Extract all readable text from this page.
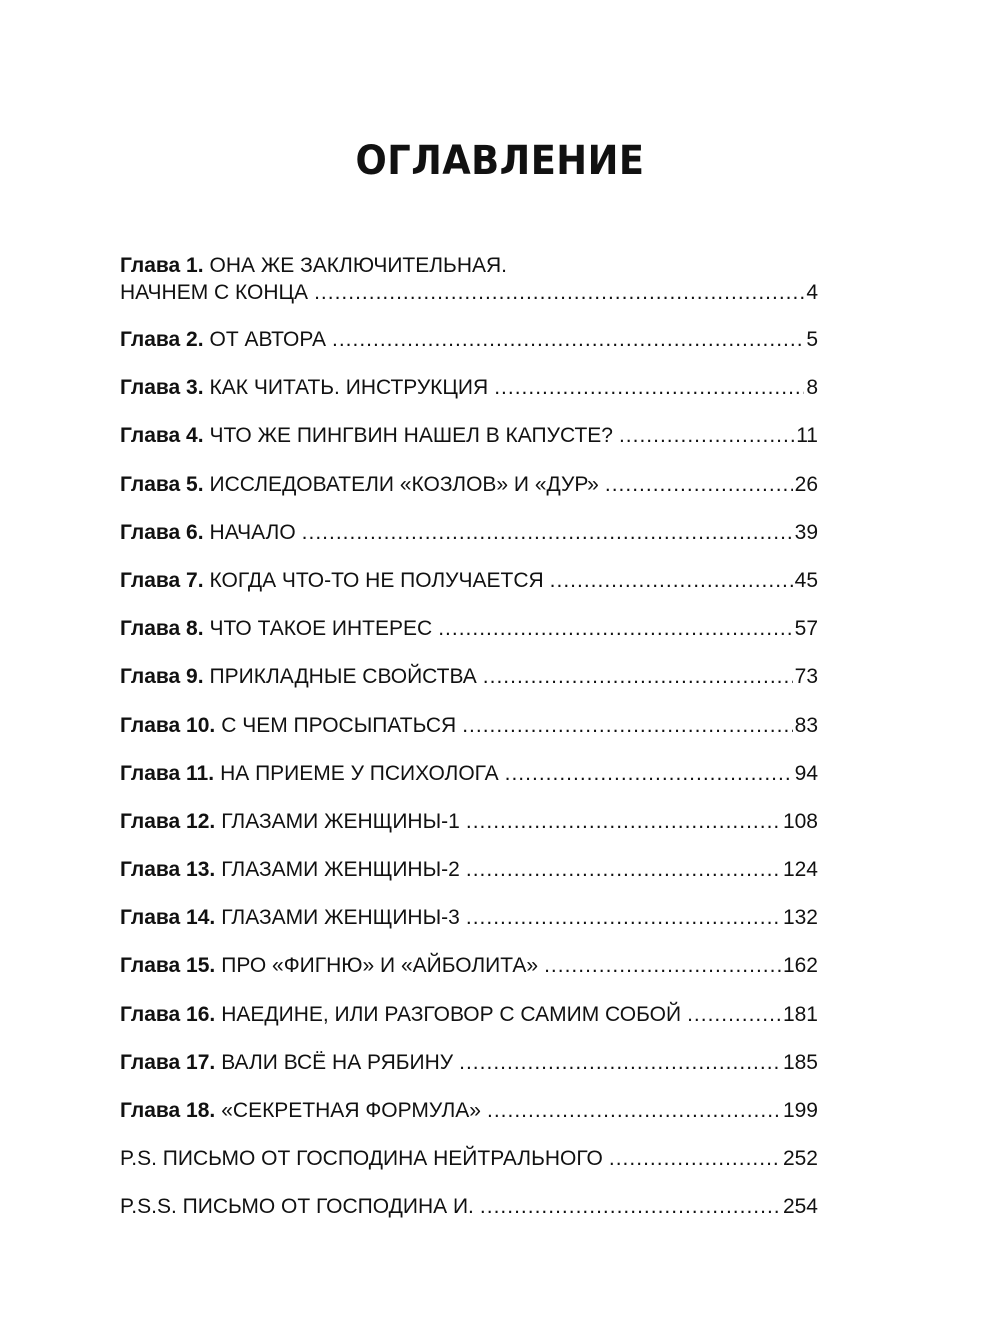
ОГЛАВЛЕНИЕ
Глава 1. ОНА ЖЕ ЗАКЛЮЧИТЕЛЬНАЯ.
НАЧНЕМ С КОНЦА .....	4
Глава 2. ОТ АВТОРА .....	5
Глава 3. КАК ЧИТАТЬ. ИНСТРУКЦИЯ .....	8
Глава 4. ЧТО ЖЕ ПИНГВИН НАШЕЛ В КАПУСТЕ? .....	11
Глава 5. ИССЛЕДОВАТЕЛИ «КОЗЛОВ» И «ДУР» .....	26
Глава 6. НАЧАЛО .....	39
Глава 7. КОГДА ЧТО-ТО НЕ ПОЛУЧАЕТСЯ .....	45
Глава 8. ЧТО ТАКОЕ ИНТЕРЕС .....	57
Глава 9. ПРИКЛАДНЫЕ СВОЙСТВА .....	73
Глава 10. С ЧЕМ ПРОСЫПАТЬСЯ .....	83
Глава 11. НА ПРИЕМЕ У ПСИХОЛОГА .....	94
Глава 12. ГЛАЗАМИ ЖЕНЩИНЫ-1 .....	108
Глава 13. ГЛАЗАМИ ЖЕНЩИНЫ-2 .....	124
Глава 14. ГЛАЗАМИ ЖЕНЩИНЫ-3 .....	132
Глава 15. ПРО «ФИГНЮ» И «АЙБОЛИТА» .....	162
Глава 16. НАЕДИНЕ, ИЛИ РАЗГОВОР С САМИМ СОБОЙ .....	181
Глава 17. ВАЛИ ВСЁ НА РЯБИНУ .....	185
Глава 18. «СЕКРЕТНАЯ ФОРМУЛА» .....	199
P.S. ПИСЬМО ОТ ГОСПОДИНА НЕЙТРАЛЬНОГО .....	252
P.S.S. ПИСЬМО ОТ ГОСПОДИНА И. .....	254
